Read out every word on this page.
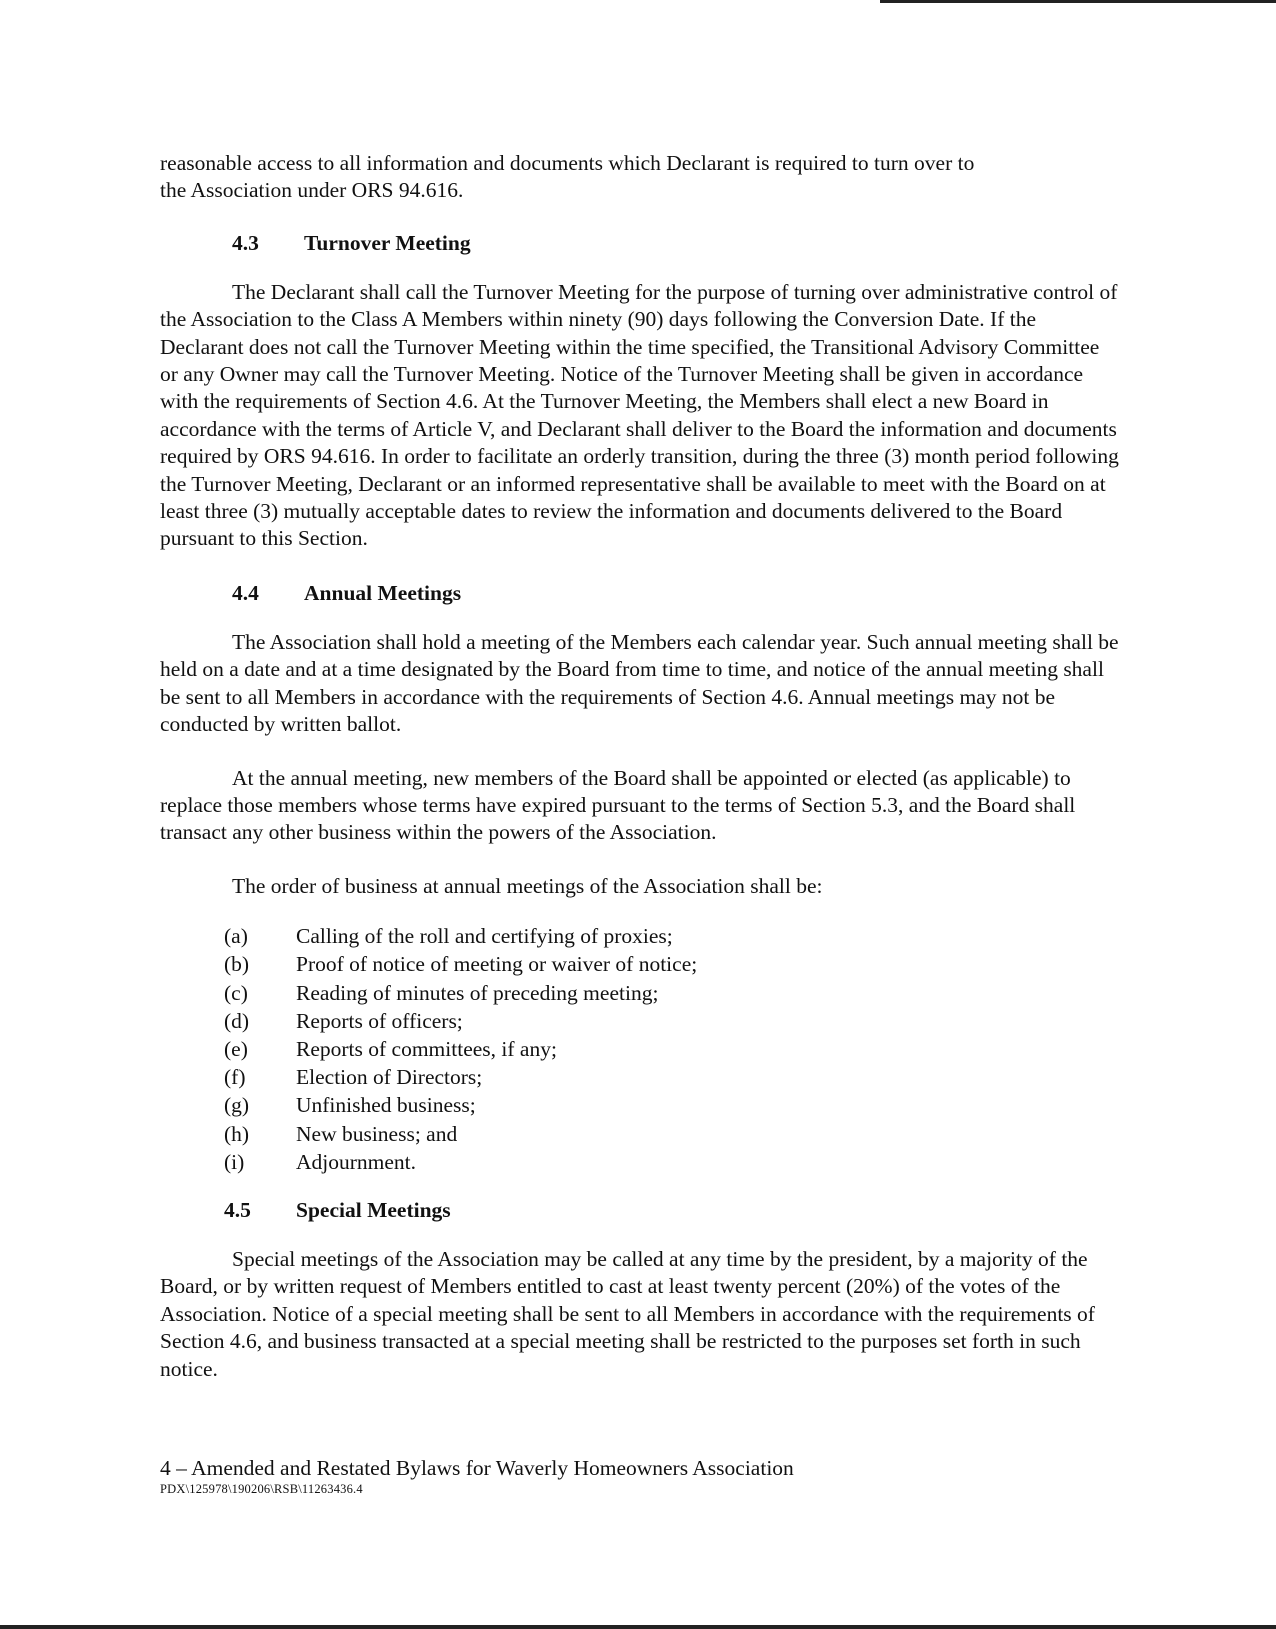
reasonable access to all information and documents which Declarant is required to turn over to
the Association under ORS 94.616.
4.3	Turnover Meeting

The Declarant shall call the Turnover Meeting for the purpose of turning over administrative control of the Association to the Class A Members within ninety (90) days following the Conversion Date. If the Declarant does not call the Turnover Meeting within the time specified, the Transitional Advisory Committee or any Owner may call the Turnover Meeting. Notice of the Turnover Meeting shall be given in accordance with the requirements of Section 4.6. At the Turnover Meeting, the Members shall elect a new Board in accordance with the terms of Article V, and Declarant shall deliver to the Board the information and documents required by ORS 94.616. In order to facilitate an orderly transition, during the three (3) month period following the Turnover Meeting, Declarant or an informed representative shall be available to meet with the Board on at least three (3) mutually acceptable dates to review the information and documents delivered to the Board pursuant to this Section.

4.4	Annual Meetings

The Association shall hold a meeting of the Members each calendar year. Such annual meeting shall be held on a date and at a time designated by the Board from time to time, and notice of the annual meeting shall be sent to all Members in accordance with the requirements of Section 4.6. Annual meetings may not be conducted by written ballot.

At the annual meeting, new members of the Board shall be appointed or elected (as applicable) to replace those members whose terms have expired pursuant to the terms of Section 5.3, and the Board shall transact any other business within the powers of the Association.

The order of business at annual meetings of the Association shall be:

(a)	Calling of the roll and certifying of proxies;
(b)	Proof of notice of meeting or waiver of notice;
(c)	Reading of minutes of preceding meeting;
(d)	Reports of officers;
(e)	Reports of committees, if any;
(f)	Election of Directors;
(g)	Unfinished business;
(h)	New business; and
(i)	Adjournment.
4.5	Special Meetings

Special meetings of the Association may be called at any time by the president, by a majority of the Board, or by written request of Members entitled to cast at least twenty percent (20%) of the votes of the Association. Notice of a special meeting shall be sent to all Members in accordance with the requirements of Section 4.6, and business transacted at a special meeting shall be restricted to the purposes set forth in such notice.

4 – Amended and Restated Bylaws for Waverly Homeowners Association
PDX\125978\190206\RSB\11263436.4
